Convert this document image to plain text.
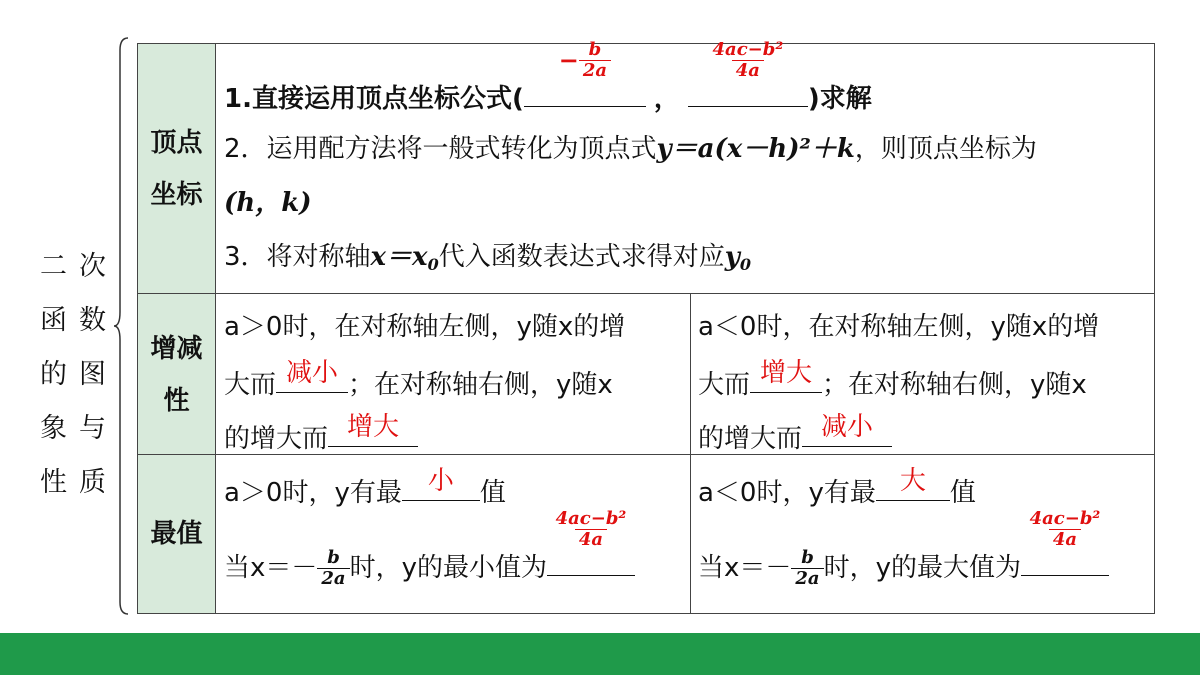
二次
函数
的图
象与
性质
顶点坐标
增减性
最值
1.直接运用顶点坐标公式(
− $\frac{b}{2a}$
，
$\frac{\text{4ac−b²}}{4a}$
)求解
2．运用配方法将一般式转化为顶点式y＝a(x－h)²＋k，则顶点坐标为
(h，k)
3．将对称轴$x=x_0$代入函数表达式求得对应$y_0$
a＞0时，在对称轴左侧，y随x的增
大而 减小 ；在对称轴右侧，y随x
的增大而 增大
a＜0时，在对称轴左侧，y随x的增
大而 增大 ；在对称轴右侧，y随x
的增大而 减小
a＞0时，y有最 小	值
当$x=- \frac{b}{2a}$ 时，y的最小值为
$\frac{\text{4ac−b²}}{4a}$
a＜0时，y有最 大 值
当$x=- \frac{b}{2a}$ 时，y的最大值为
$\frac{\text{4ac−b²}}{4a}$
